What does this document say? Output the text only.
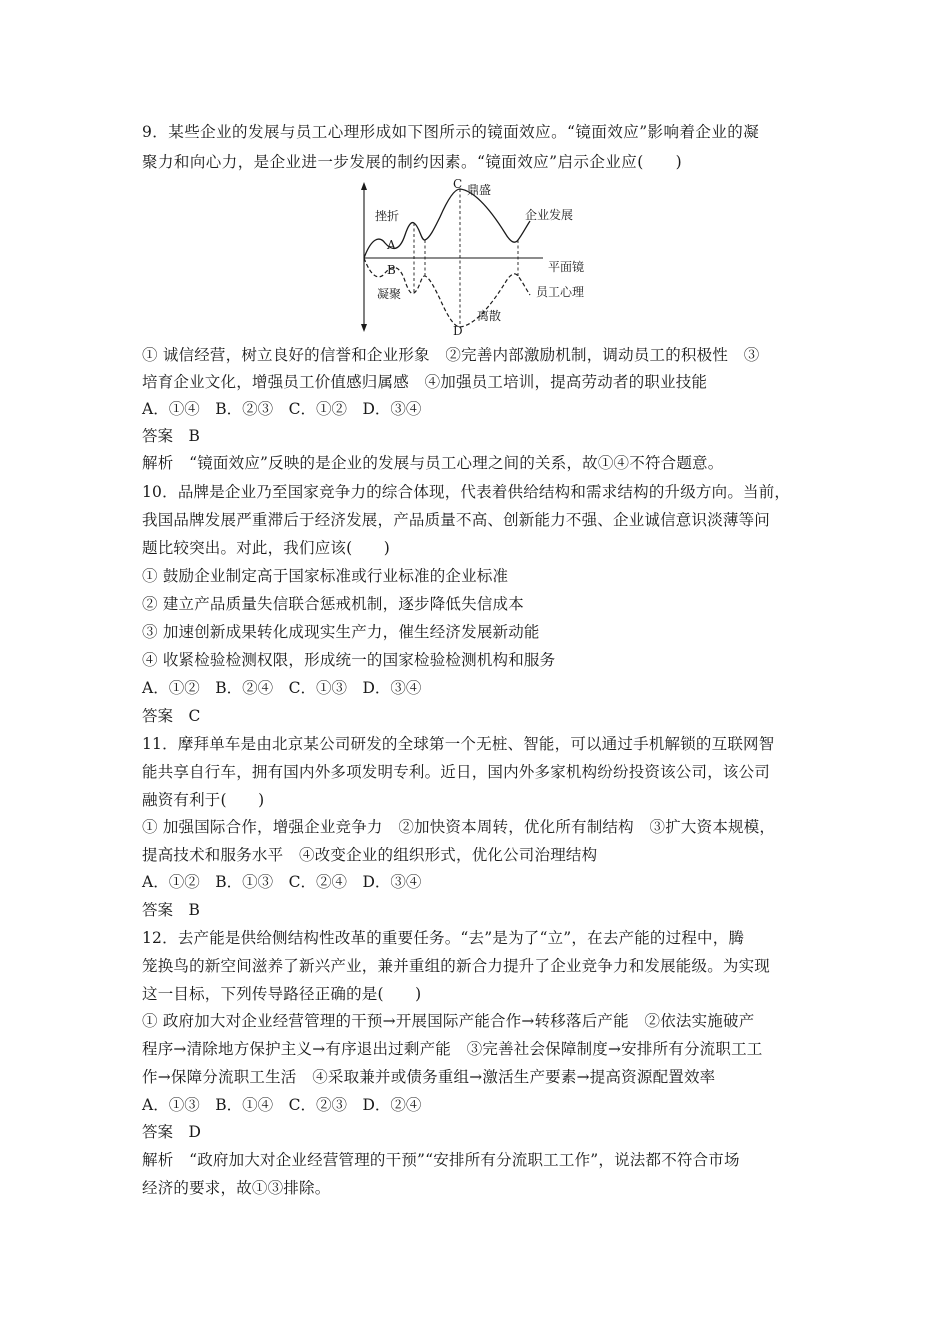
9．某些企业的发展与员工心理形成如下图所示的镜面效应。“镜面效应”影响着企业的凝

聚力和向心力，是企业进一步发展的制约因素。“镜面效应”启示企业应(　　)

C 鼎盛
挫折
A
B
企业发展
平面镜
员工心理
凝聚
离散
D

① 诚信经营，树立良好的信誉和企业形象　②完善内部激励机制，调动员工的积极性　③

培育企业文化，增强员工价值感归属感　④加强员工培训，提高劳动者的职业技能

A．①④　B．②③　C．①②　D．③④

答案　B

解析　“镜面效应”反映的是企业的发展与员工心理之间的关系，故①④不符合题意。

10．品牌是企业乃至国家竞争力的综合体现，代表着供给结构和需求结构的升级方向。当前，

我国品牌发展严重滞后于经济发展，产品质量不高、创新能力不强、企业诚信意识淡薄等问

题比较突出。对此，我们应该(　　)

① 鼓励企业制定高于国家标准或行业标准的企业标准

② 建立产品质量失信联合惩戒机制，逐步降低失信成本

③ 加速创新成果转化成现实生产力，催生经济发展新动能

④ 收紧检验检测权限，形成统一的国家检验检测机构和服务

A．①②　B．②④　C．①③　D．③④

答案　C

11．摩拜单车是由北京某公司研发的全球第一个无桩、智能，可以通过手机解锁的互联网智

能共享自行车，拥有国内外多项发明专利。近日，国内外多家机构纷纷投资该公司，该公司

融资有利于(　　)

① 加强国际合作，增强企业竞争力　②加快资本周转，优化所有制结构　③扩大资本规模，

提高技术和服务水平　④改变企业的组织形式，优化公司治理结构

A．①②　B．①③　C．②④　D．③④

答案　B

12．去产能是供给侧结构性改革的重要任务。“去”是为了“立”，在去产能的过程中，腾

笼换鸟的新空间滋养了新兴产业，兼并重组的新合力提升了企业竞争力和发展能级。为实现

这一目标，下列传导路径正确的是(　　)

① 政府加大对企业经营管理的干预→开展国际产能合作→转移落后产能　②依法实施破产

程序→清除地方保护主义→有序退出过剩产能　③完善社会保障制度→安排所有分流职工工

作→保障分流职工生活　④采取兼并或债务重组→激活生产要素→提高资源配置效率

A．①③　B．①④　C．②③　D．②④

答案　D

解析　“政府加大对企业经营管理的干预”“安排所有分流职工工作”，说法都不符合市场

经济的要求，故①③排除。
